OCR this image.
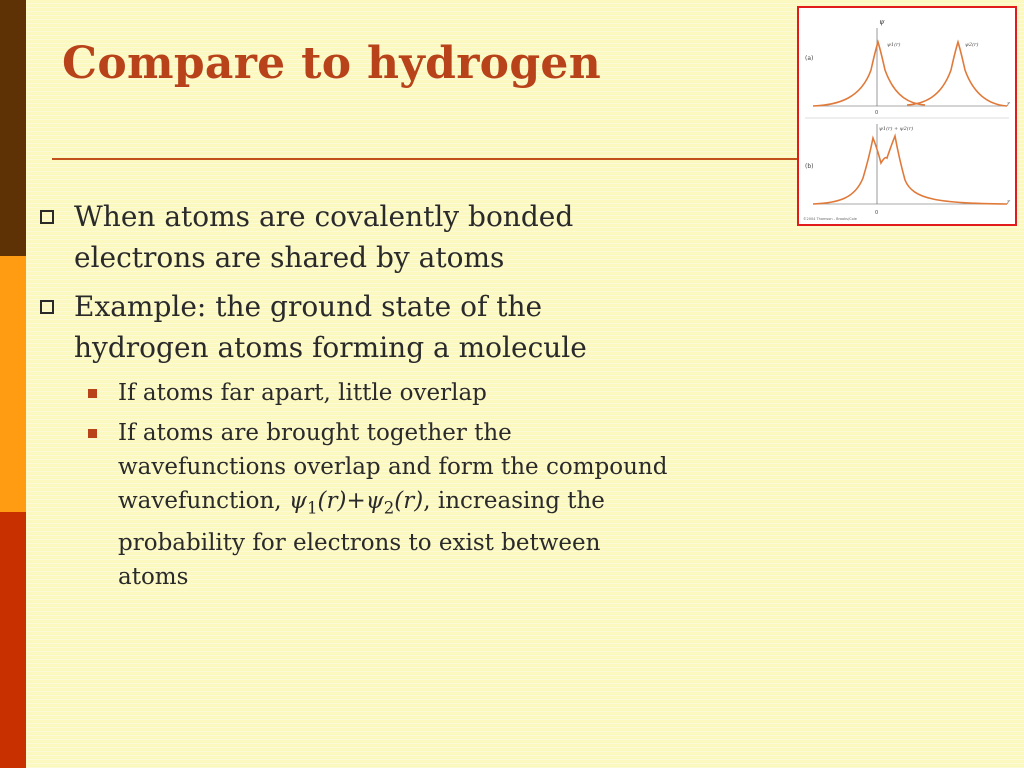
Compare to hydrogen	(a)
ψ
r
0
ψ1(r)	ψ2(r)
(b)
r
0
ψ1(r) + ψ2(r)
©2004 Thomson - Brooks/Cole
When atoms are covalently bonded electrons are shared by atoms
Example: the ground state of the hydrogen atoms forming a molecule
If atoms far apart, little overlap
If atoms are brought together the wavefunctions overlap and form the compound wavefunction, $\psi_1(r)+\psi_2(r)$, increasing the probability for electrons to exist between atoms
